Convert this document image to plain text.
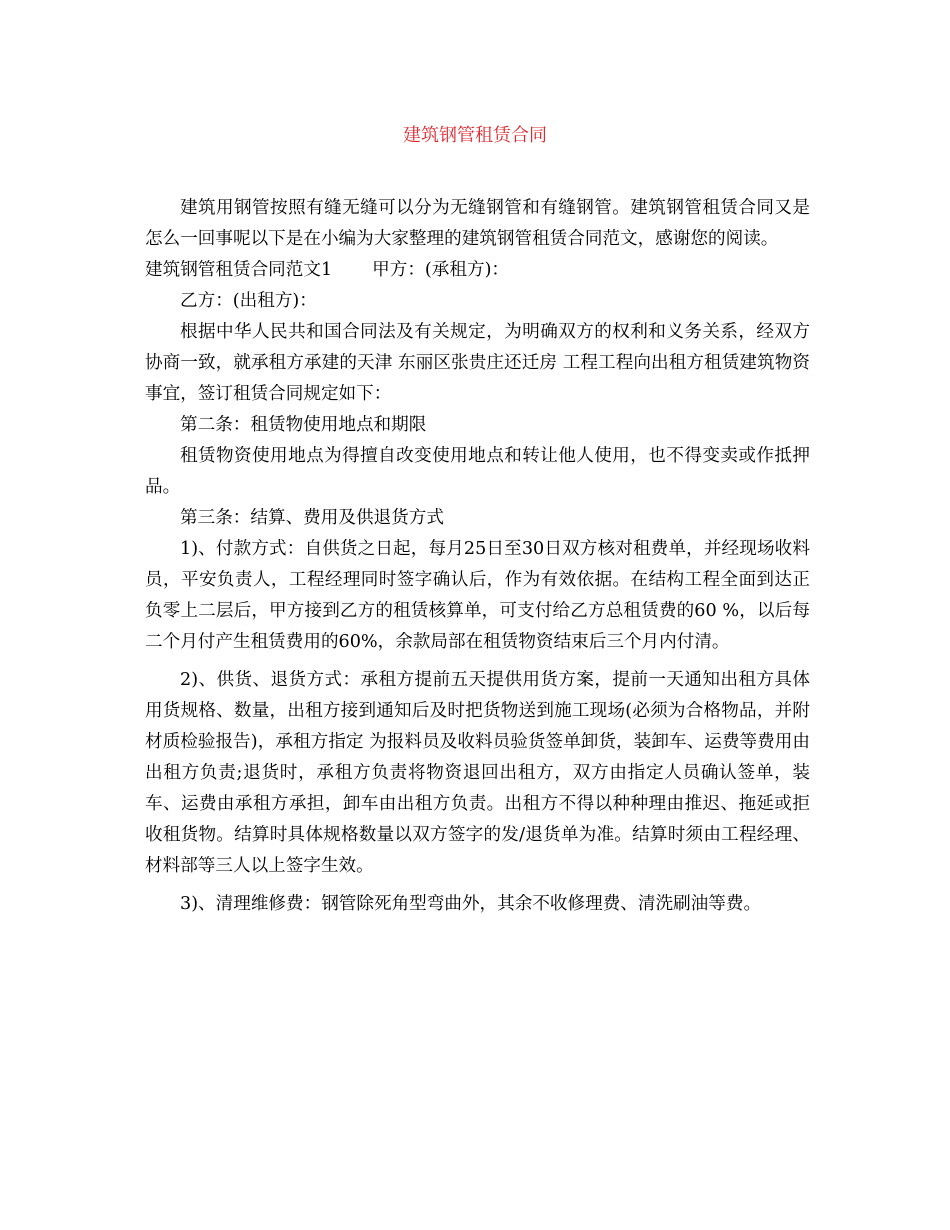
建筑钢管租赁合同

建筑用钢管按照有缝无缝可以分为无缝钢管和有缝钢管。建筑钢管租赁合同又是怎么一回事呢以下是在小编为大家整理的建筑钢管租赁合同范文，感谢您的阅读。

建筑钢管租赁合同范文1 甲方：(承租方)：

乙方：(出租方)：

根据中华人民共和国合同法及有关规定，为明确双方的权利和义务关系，经双方协商一致，就承租方承建的天津 东丽区张贵庄还迁房 工程工程向出租方租赁建筑物资事宜，签订租赁合同规定如下：

第二条：租赁物使用地点和期限

租赁物资使用地点为得擅自改变使用地点和转让他人使用，也不得变卖或作抵押品。

第三条：结算、费用及供退货方式

1)、付款方式：自供货之日起，每月25日至30日双方核对租费单，并经现场收料员，平安负责人，工程经理同时签字确认后，作为有效依据。在结构工程全面到达正负零上二层后，甲方接到乙方的租赁核算单，可支付给乙方总租赁费的60 %，以后每二个月付产生租赁费用的60%，余款局部在租赁物资结束后三个月内付清。

2)、供货、退货方式：承租方提前五天提供用货方案，提前一天通知出租方具体用货规格、数量，出租方接到通知后及时把货物送到施工现场(必须为合格物品，并附材质检验报告)，承租方指定 为报料员及收料员验货签单卸货，装卸车、运费等费用由出租方负责;退货时，承租方负责将物资退回出租方，双方由指定人员确认签单，装车、运费由承租方承担，卸车由出租方负责。出租方不得以种种理由推迟、拖延或拒收租货物。结算时具体规格数量以双方签字的发/退货单为准。结算时须由工程经理、材料部等三人以上签字生效。

3)、清理维修费：钢管除死角型弯曲外，其余不收修理费、清洗刷油等费。
